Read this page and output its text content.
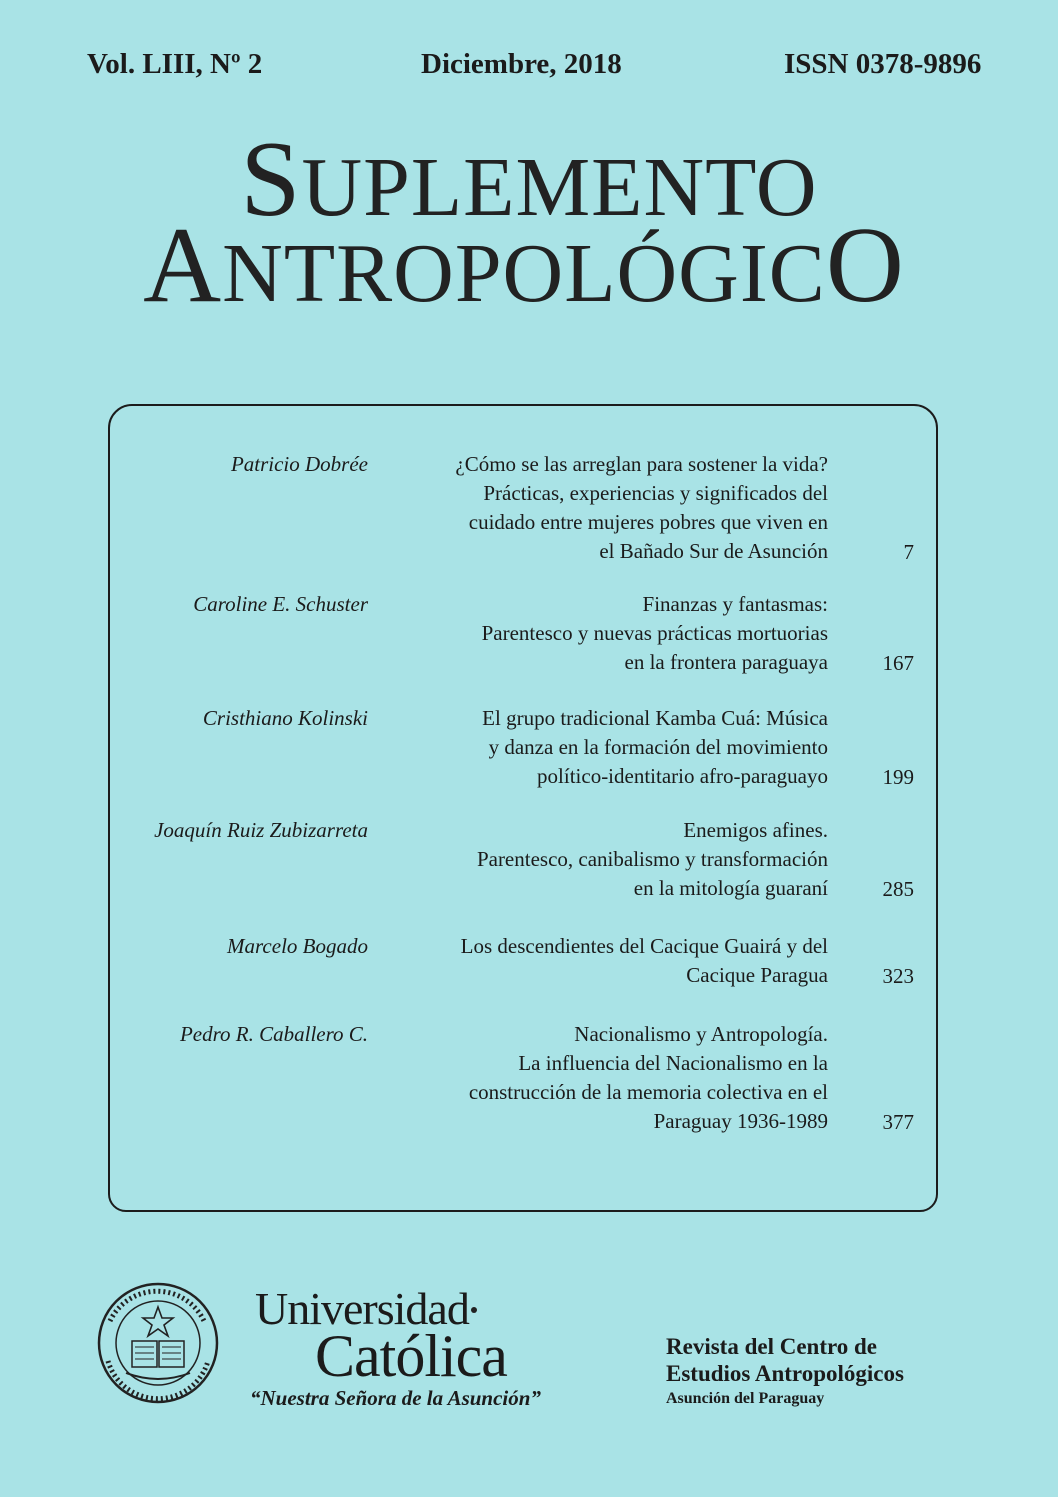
Vol. LIII, Nº 2	Diciembre, 2018	ISSN 0378-9896
SUPLEMENTO
ANTROPOLÓGICO
Patricio Dobrée	¿Cómo se las arreglan para sostener la vida?
Prácticas, experiencias y significados del
cuidado entre mujeres pobres que viven en
el Bañado Sur de Asunción	7
Caroline E. Schuster	Finanzas y fantasmas:
Parentesco y nuevas prácticas mortuorias
en la frontera paraguaya	167
Cristhiano Kolinski	El grupo tradicional Kamba Cuá: Música
y danza en la formación del movimiento
político-identitario afro-paraguayo	199
Joaquín Ruiz Zubizarreta	Enemigos afines.
Parentesco, canibalismo y transformación
en la mitología guaraní	285
Marcelo Bogado	Los descendientes del Cacique Guairá y del
Cacique Paragua	323
Pedro R. Caballero C.	Nacionalismo y Antropología.
La influencia del Nacionalismo en la
construcción de la memoria colectiva en el
Paraguay 1936-1989	377
Universidad
Católica
“Nuestra Señora de la Asunción”
Revista del Centro de
Estudios Antropológicos
Asunción del Paraguay
